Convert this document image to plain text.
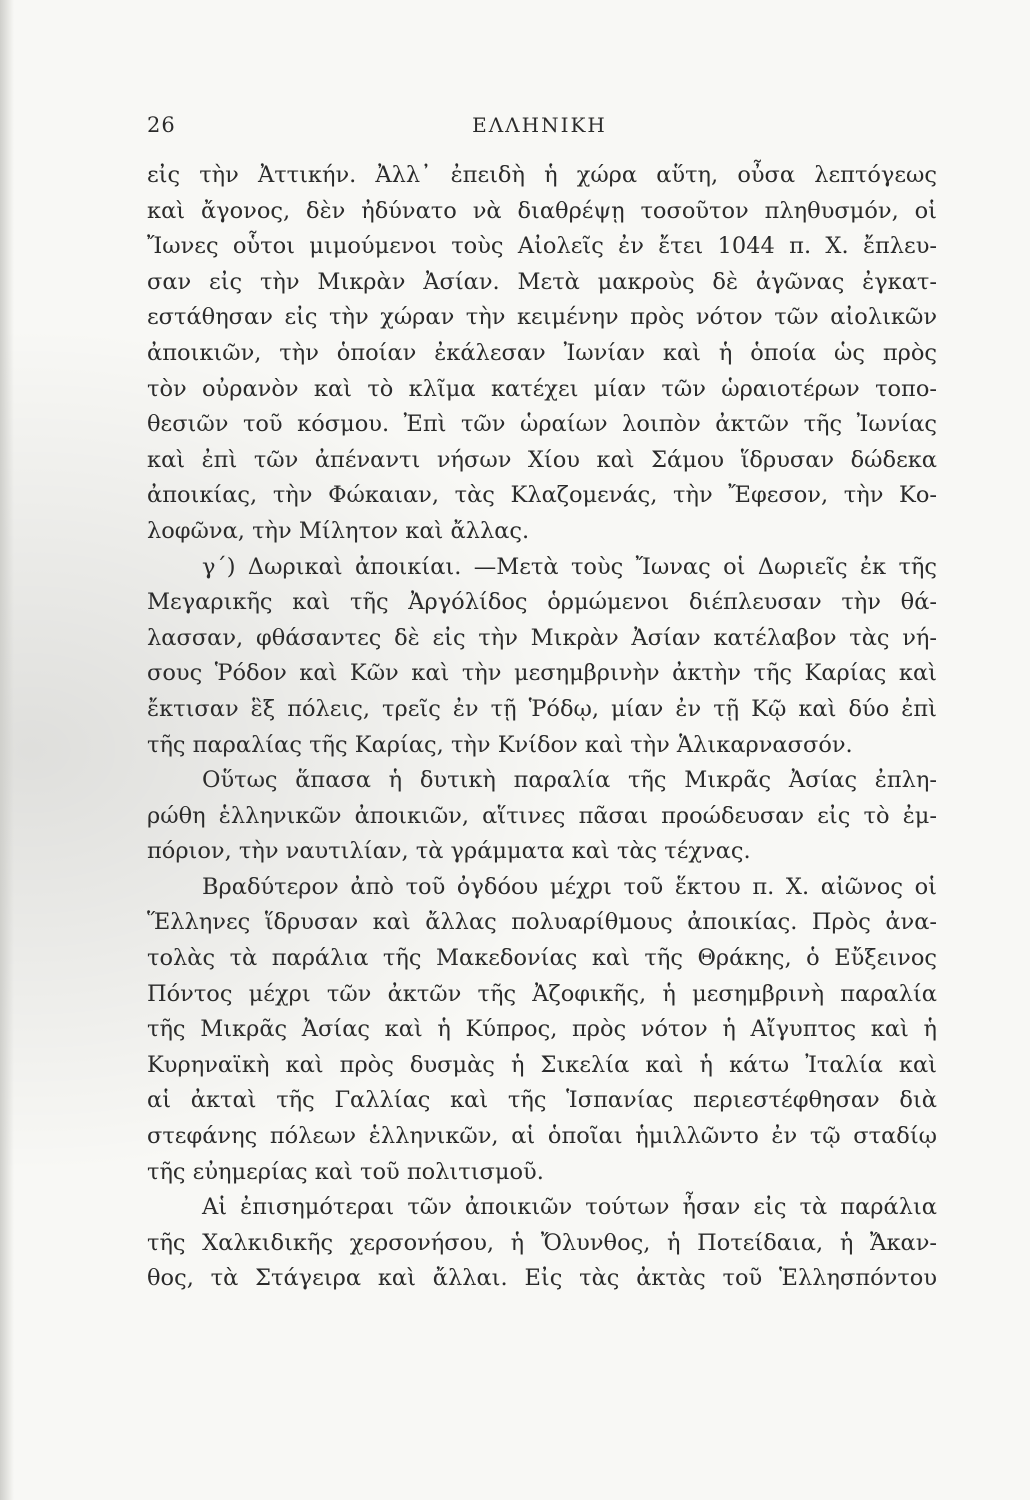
26	ΕΛΛΗΝΙΚΗ
εἰς τὴν Ἀττικήν. Ἀλλ᾽ ἐπειδὴ ἡ χώρα αὕτη, οὖσα λεπτόγεως
καὶ ἄγονος, δὲν ἠδύνατο νὰ διαθρέψῃ τοσοῦτον πληθυσμόν, οἱ
Ἴωνες οὗτοι μιμούμενοι τοὺς Αἰολεῖς ἐν ἔτει 1044 π. Χ. ἔπλευ-
σαν εἰς τὴν Μικρὰν Ἀσίαν. Μετὰ μακροὺς δὲ ἀγῶνας ἐγκατ-
εστάθησαν εἰς τὴν χώραν τὴν κειμένην πρὸς νότον τῶν αἰολικῶν
ἀποικιῶν, τὴν ὁποίαν ἐκάλεσαν Ἰωνίαν καὶ ἡ ὁποία ὡς πρὸς
τὸν οὐρανὸν καὶ τὸ κλῖμα κατέχει μίαν τῶν ὡραιοτέρων τοπο-
θεσιῶν τοῦ κόσμου. Ἐπὶ τῶν ὡραίων λοιπὸν ἀκτῶν τῆς Ἰωνίας
καὶ ἐπὶ τῶν ἀπέναντι νήσων Χίου καὶ Σάμου ἵδρυσαν δώδεκα
ἀποικίας, τὴν Φώκαιαν, τὰς Κλαζομενάς, τὴν Ἔφεσον, τὴν Κο-
λοφῶνα, τὴν Μίλητον καὶ ἄλλας.
γ΄) Δωρικαὶ ἀποικίαι. —Μετὰ τοὺς Ἴωνας οἱ Δωριεῖς ἐκ τῆς
Μεγαρικῆς καὶ τῆς Ἀργόλίδος ὁρμώμενοι διέπλευσαν τὴν θά-
λασσαν, φθάσαντες δὲ εἰς τὴν Μικρὰν Ἀσίαν κατέλαβον τὰς νή-
σους Ῥόδον καὶ Κῶν καὶ τὴν μεσημβρινὴν ἀκτὴν τῆς Καρίας καὶ
ἔκτισαν ἓξ πόλεις, τρεῖς ἐν τῇ Ῥόδῳ, μίαν ἐν τῇ Κῷ καὶ δύο ἐπὶ
τῆς παραλίας τῆς Καρίας, τὴν Κνίδον καὶ τὴν Ἁλικαρνασσόν.
Οὕτως ἅπασα ἡ δυτικὴ παραλία τῆς Μικρᾶς Ἀσίας ἐπλη-
ρώθη ἑλληνικῶν ἀποικιῶν, αἵτινες πᾶσαι προώδευσαν εἰς τὸ ἐμ-
πόριον, τὴν ναυτιλίαν, τὰ γράμματα καὶ τὰς τέχνας.
Βραδύτερον ἀπὸ τοῦ ὀγδόου μέχρι τοῦ ἕκτου π. Χ. αἰῶνος οἱ
Ἕλληνες ἵδρυσαν καὶ ἄλλας πολυαρίθμους ἀποικίας. Πρὸς ἀνα-
τολὰς τὰ παράλια τῆς Μακεδονίας καὶ τῆς Θράκης, ὁ Εὔξεινος
Πόντος μέχρι τῶν ἀκτῶν τῆς Ἀζοφικῆς, ἡ μεσημβρινὴ παραλία
τῆς Μικρᾶς Ἀσίας καὶ ἡ Κύπρος, πρὸς νότον ἡ Αἴγυπτος καὶ ἡ
Κυρηναϊκὴ καὶ πρὸς δυσμὰς ἡ Σικελία καὶ ἡ κάτω Ἰταλία καὶ
αἱ ἀκταὶ τῆς Γαλλίας καὶ τῆς Ἱσπανίας περιεστέφθησαν διὰ
στεφάνης πόλεων ἑλληνικῶν, αἱ ὁποῖαι ἡμιλλῶντο ἐν τῷ σταδίῳ
τῆς εὐημερίας καὶ τοῦ πολιτισμοῦ.
Αἱ ἐπισημότεραι τῶν ἀποικιῶν τούτων ἦσαν εἰς τὰ παράλια
τῆς Χαλκιδικῆς χερσονήσου, ἡ Ὄλυνθος, ἡ Ποτείδαια, ἡ Ἄκαν-
θος, τὰ Στάγειρα καὶ ἄλλαι. Εἰς τὰς ἀκτὰς τοῦ Ἑλλησπόντου
